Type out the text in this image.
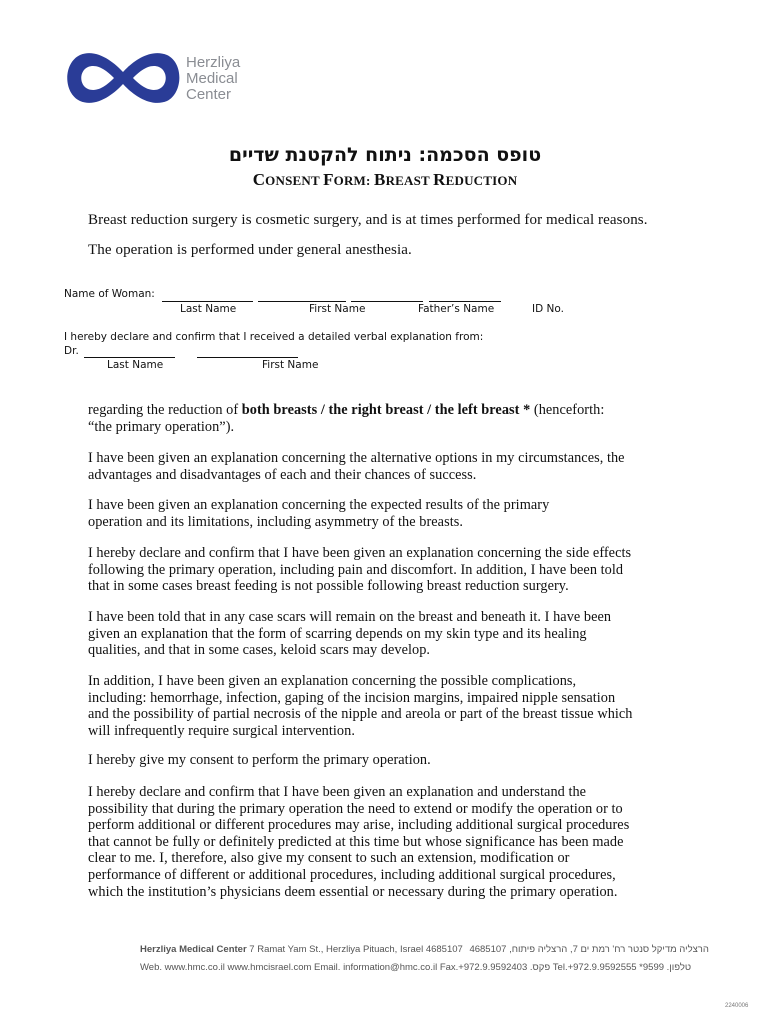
Herzliya
Medical
Center
טופס הסכמה: ניתוח להקטנת שדיים
CONSENT FORM: BREAST REDUCTION
Breast reduction surgery is cosmetic surgery, and is at times performed for medical reasons.
The operation is performed under general anesthesia.
Name of Woman:
Last Name	First Name	Father’s Name	ID No.
I hereby declare and confirm that I received a detailed verbal explanation from:
Dr.
Last Name	First Name
regarding the reduction of both breasts / the right breast / the left breast * (henceforth:
“the primary operation”).
I have been given an explanation concerning the alternative options in my circumstances, the
advantages and disadvantages of each and their chances of success.
I have been given an explanation concerning the expected results of the primary
operation and its limitations, including asymmetry of the breasts.
I hereby declare and confirm that I have been given an explanation concerning the side effects
following the primary operation, including pain and discomfort. In addition, I have been told
that in some cases breast feeding is not possible following breast reduction surgery.
I have been told that in any case scars will remain on the breast and beneath it. I have been
given an explanation that the form of scarring depends on my skin type and its healing
qualities, and that in some cases, keloid scars may develop.
In addition, I have been given an explanation concerning the possible complications,
including: hemorrhage, infection, gaping of the incision margins, impaired nipple sensation
and the possibility of partial necrosis of the nipple and areola or part of the breast tissue which
will infrequently require surgical intervention.
I hereby give my consent to perform the primary operation.
I hereby declare and confirm that I have been given an explanation and understand the
possibility that during the primary operation the need to extend or modify the operation or to
perform additional or different procedures may arise, including additional surgical procedures
that cannot be fully or definitely predicted at this time but whose significance has been made
clear to me. I, therefore, also give my consent to such an extension, modification or
performance of different or additional procedures, including additional surgical procedures,
which the institution’s physicians deem essential or necessary during the primary operation.
Herzliya Medical Center 7 Ramat Yam St., Herzliya Pituach, Israel 4685107 הרצליה מדיקל סנטר רח' רמת ים 7, הרצליה פיתוח, 4685107
Web. www.hmc.co.il www.hmcisrael.com Email. information@hmc.co.il Fax.+972.9.9592403 .פקס Tel.+972.9.9592555 *9599 .טלפון
2240006
